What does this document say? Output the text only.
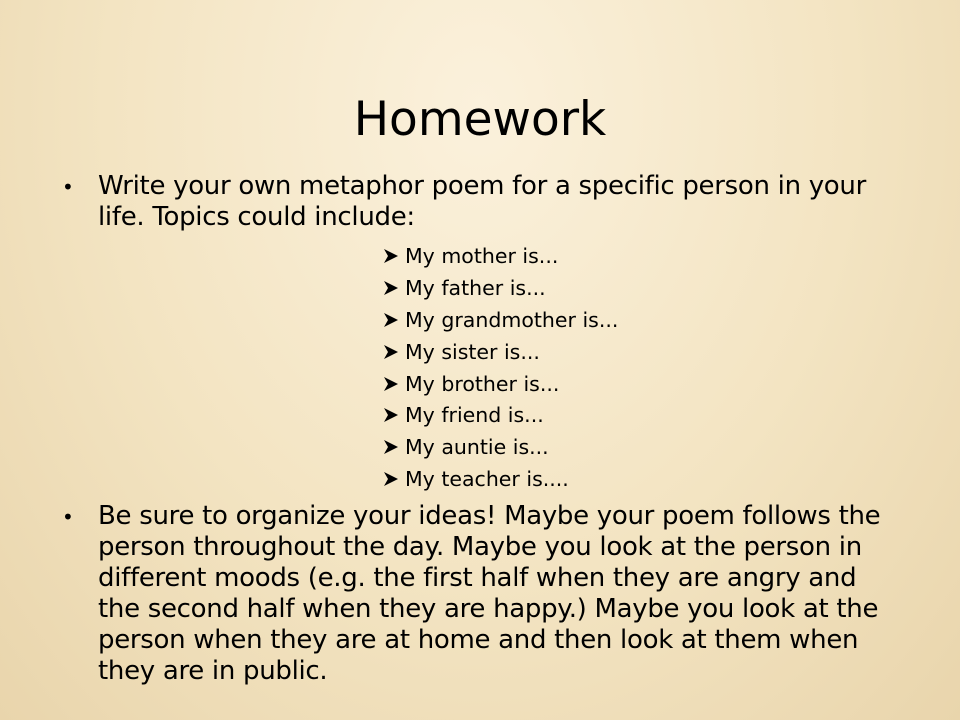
Homework
• Write your own metaphor poem for a specific person in your life. Topics could include:
My mother is...
My father is...
My grandmother is...
My sister is...
My brother is...
My friend is...
My auntie is...
My teacher is....
• Be sure to organize your ideas! Maybe your poem follows the person throughout the day. Maybe you look at the person in different moods (e.g. the first half when they are angry and the second half when they are happy.) Maybe you look at the person when they are at home and then look at them when they are in public.
